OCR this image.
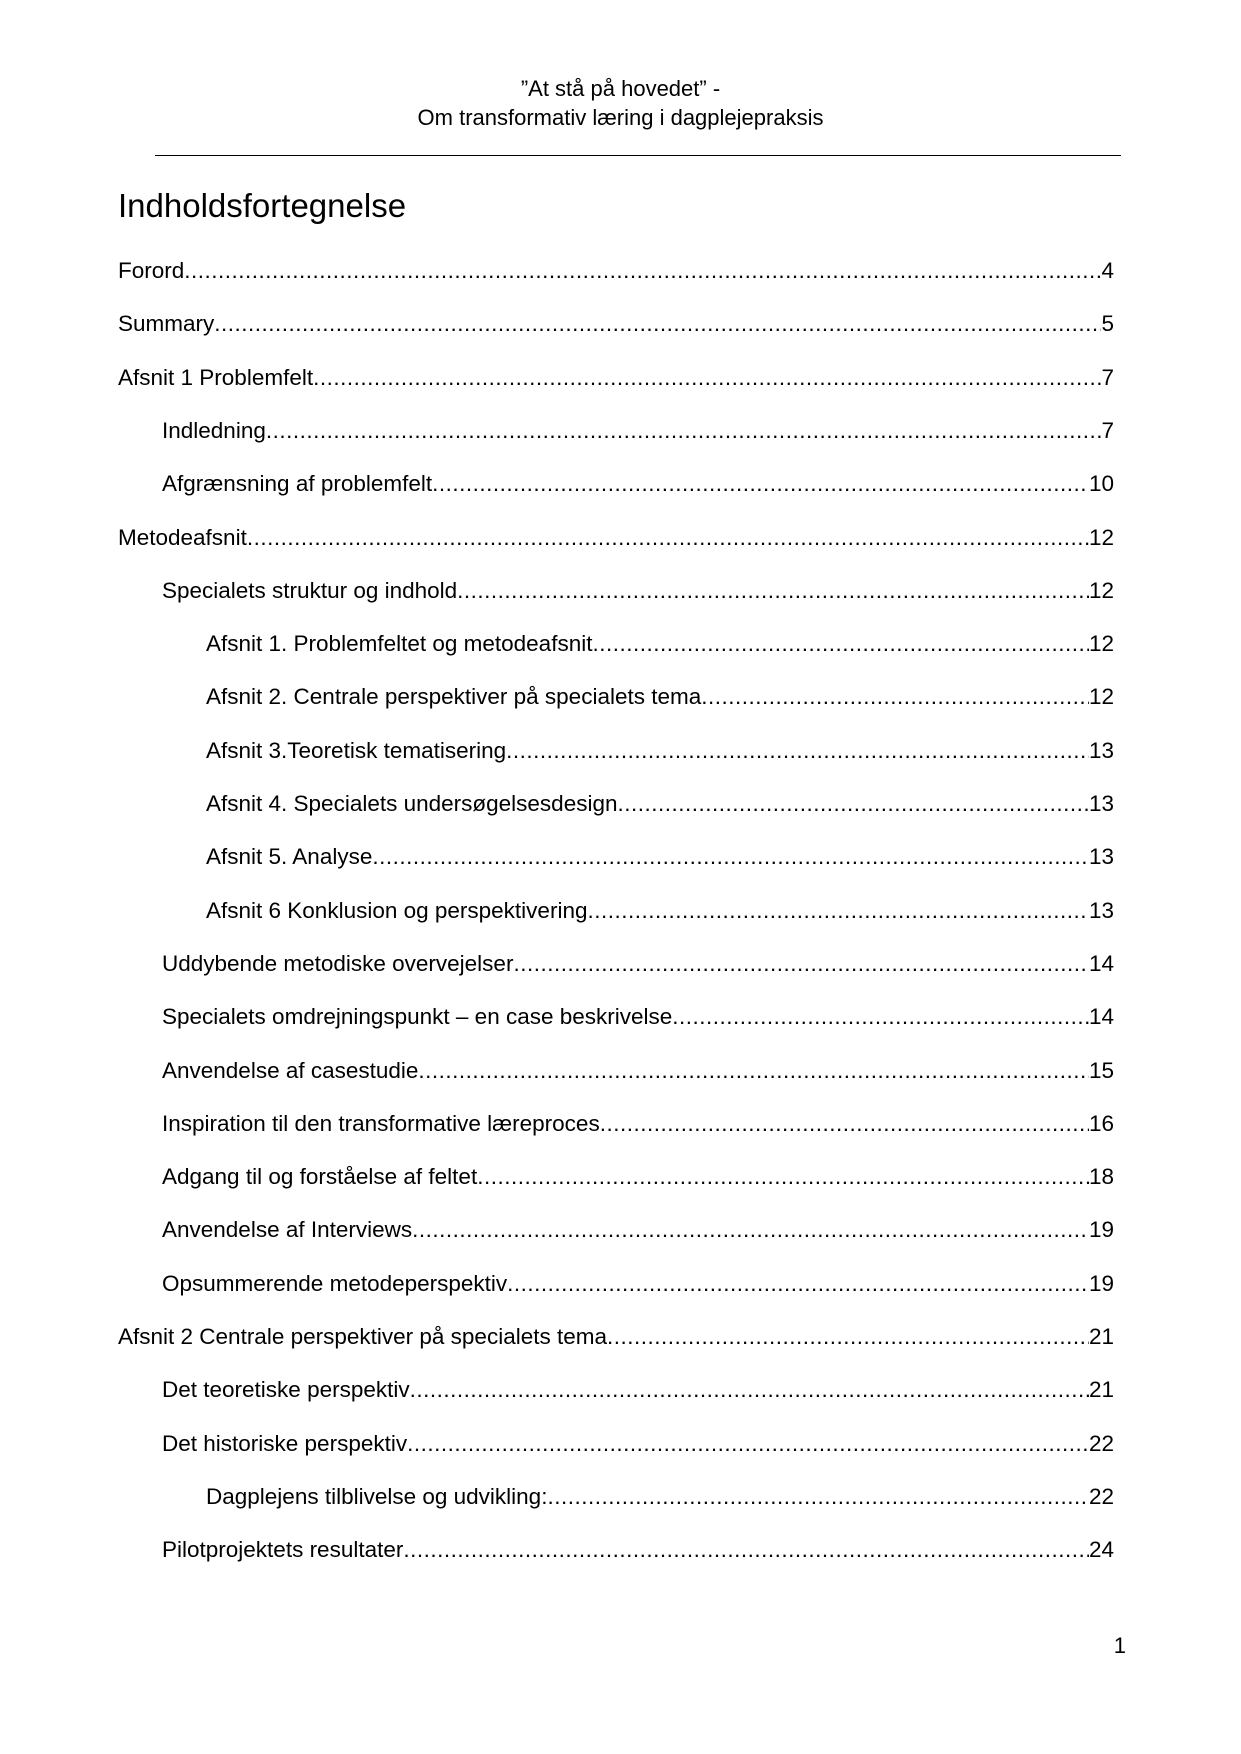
”At stå på hovedet” -
Om transformativ læring i dagplejepraksis
Indholdsfortegnelse
Forord .....	4
Summary .....	5
Afsnit 1 Problemfelt .....	7
Indledning .....	7
Afgrænsning af problemfelt .....	10
Metodeafsnit .....	12
Specialets struktur og indhold .....	12
Afsnit 1. Problemfeltet og metodeafsnit .....	12
Afsnit 2. Centrale perspektiver på specialets tema .....	12
Afsnit 3.Teoretisk tematisering .....	13
Afsnit 4. Specialets undersøgelsesdesign .....	13
Afsnit 5. Analyse .....	13
Afsnit 6 Konklusion og perspektivering .....	13
Uddybende metodiske overvejelser .....	14
Specialets omdrejningspunkt – en case beskrivelse .....	14
Anvendelse af casestudie .....	15
Inspiration til den transformative læreproces .....	16
Adgang til og forståelse af feltet .....	18
Anvendelse af Interviews .....	19
Opsummerende metodeperspektiv .....	19
Afsnit 2 Centrale perspektiver på specialets tema .....	21
Det teoretiske perspektiv .....	21
Det historiske perspektiv .....	22
Dagplejens tilblivelse og udvikling: .....	22
Pilotprojektets resultater .....	24
1
